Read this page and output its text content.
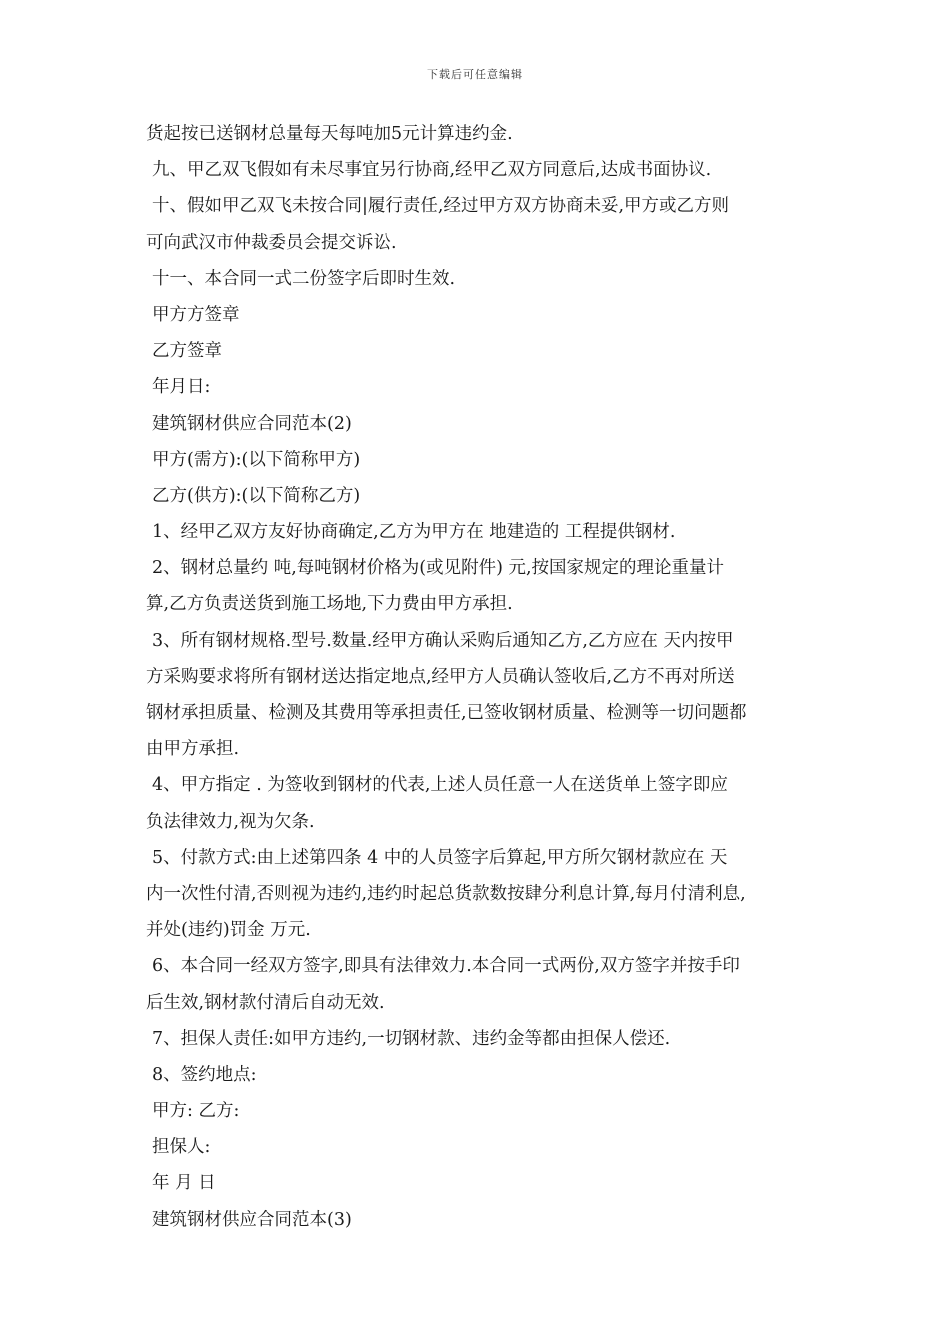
下载后可任意编辑
货起按已送钢材总量每天每吨加5元计算违约金.
九、甲乙双飞假如有未尽事宜另行协商,经甲乙双方同意后,达成书面协议.
十、假如甲乙双飞未按合同|履行责任,经过甲方双方协商未妥,甲方或乙方则
可向武汉市仲裁委员会提交诉讼.
十一、本合同一式二份签字后即时生效.
甲方方签章
乙方签章
年月日:
建筑钢材供应合同范本(2)
甲方(需方):(以下简称甲方)
乙方(供方):(以下简称乙方)
1、经甲乙双方友好协商确定,乙方为甲方在 地建造的 工程提供钢材.
2、钢材总量约 吨,每吨钢材价格为(或见附件) 元,按国家规定的理论重量计
算,乙方负责送货到施工场地,下力费由甲方承担.
3、所有钢材规格.型号.数量.经甲方确认采购后通知乙方,乙方应在 天内按甲
方采购要求将所有钢材送达指定地点,经甲方人员确认签收后,乙方不再对所送
钢材承担质量、检测及其费用等承担责任,已签收钢材质量、检测等一切问题都
由甲方承担.
4、甲方指定 . 为签收到钢材的代表,上述人员任意一人在送货单上签字即应
负法律效力,视为欠条.
5、付款方式:由上述第四条 4 中的人员签字后算起,甲方所欠钢材款应在 天
内一次性付清,否则视为违约,违约时起总货款数按肆分利息计算,每月付清利息,
并处(违约)罚金 万元.
6、本合同一经双方签字,即具有法律效力.本合同一式两份,双方签字并按手印
后生效,钢材款付清后自动无效.
7、担保人责任:如甲方违约,一切钢材款、违约金等都由担保人偿还.
8、签约地点:
甲方: 乙方:
担保人:
年 月 日
建筑钢材供应合同范本(3)
